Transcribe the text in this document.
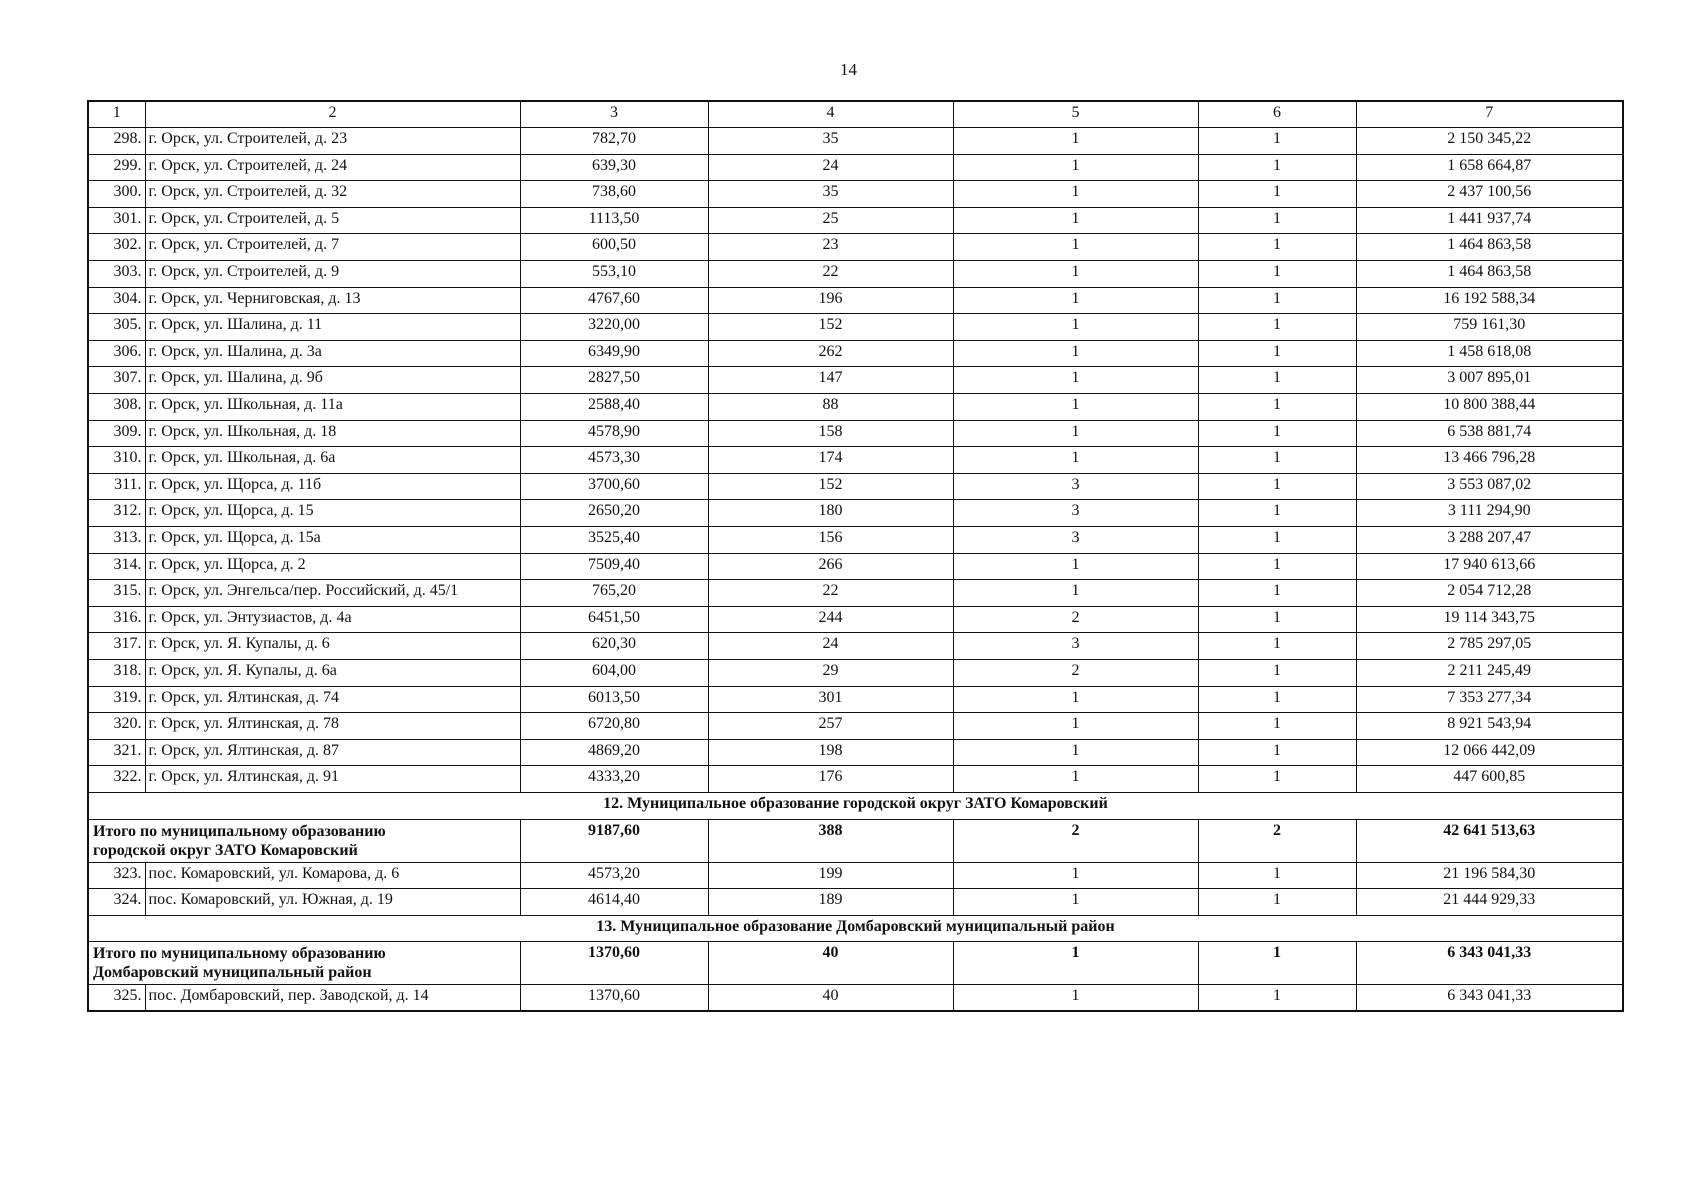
14
1	2	3	4	5	6	7
298.	г. Орск, ул. Строителей, д. 23	782,70	35	1	1	2 150 345,22
299.	г. Орск, ул. Строителей, д. 24	639,30	24	1	1	1 658 664,87
300.	г. Орск, ул. Строителей, д. 32	738,60	35	1	1	2 437 100,56
301.	г. Орск, ул. Строителей, д. 5	1113,50	25	1	1	1 441 937,74
302.	г. Орск, ул. Строителей, д. 7	600,50	23	1	1	1 464 863,58
303.	г. Орск, ул. Строителей, д. 9	553,10	22	1	1	1 464 863,58
304.	г. Орск, ул. Черниговская, д. 13	4767,60	196	1	1	16 192 588,34
305.	г. Орск, ул. Шалина, д. 11	3220,00	152	1	1	759 161,30
306.	г. Орск, ул. Шалина, д. 3а	6349,90	262	1	1	1 458 618,08
307.	г. Орск, ул. Шалина, д. 9б	2827,50	147	1	1	3 007 895,01
308.	г. Орск, ул. Школьная, д. 11а	2588,40	88	1	1	10 800 388,44
309.	г. Орск, ул. Школьная, д. 18	4578,90	158	1	1	6 538 881,74
310.	г. Орск, ул. Школьная, д. 6а	4573,30	174	1	1	13 466 796,28
311.	г. Орск, ул. Щорса, д. 11б	3700,60	152	3	1	3 553 087,02
312.	г. Орск, ул. Щорса, д. 15	2650,20	180	3	1	3 111 294,90
313.	г. Орск, ул. Щорса, д. 15а	3525,40	156	3	1	3 288 207,47
314.	г. Орск, ул. Щорса, д. 2	7509,40	266	1	1	17 940 613,66
315.	г. Орск, ул. Энгельса/пер. Российский, д. 45/1	765,20	22	1	1	2 054 712,28
316.	г. Орск, ул. Энтузиастов, д. 4а	6451,50	244	2	1	19 114 343,75
317.	г. Орск, ул. Я. Купалы, д. 6	620,30	24	3	1	2 785 297,05
318.	г. Орск, ул. Я. Купалы, д. 6а	604,00	29	2	1	2 211 245,49
319.	г. Орск, ул. Ялтинская, д. 74	6013,50	301	1	1	7 353 277,34
320.	г. Орск, ул. Ялтинская, д. 78	6720,80	257	1	1	8 921 543,94
321.	г. Орск, ул. Ялтинская, д. 87	4869,20	198	1	1	12 066 442,09
322.	г. Орск, ул. Ялтинская, д. 91	4333,20	176	1	1	447 600,85
12. Муниципальное образование городской округ ЗАТО Комаровский						

Итого по муниципальному образованию
городской округ ЗАТО Комаровский		9187,60	388	2	2	42 641 513,63
323.	пос. Комаровский, ул. Комарова, д. 6	4573,20	199	1	1	21 196 584,30
324.	пос. Комаровский, ул. Южная, д. 19	4614,40	189	1	1	21 444 929,33
13. Муниципальное образование Домбаровский муниципальный район						

Итого по муниципальному образованию
Домбаровский муниципальный район		1370,60	40	1	1	6 343 041,33
325.	пос. Домбаровский, пер. Заводской, д. 14	1370,60	40	1	1	6 343 041,33
